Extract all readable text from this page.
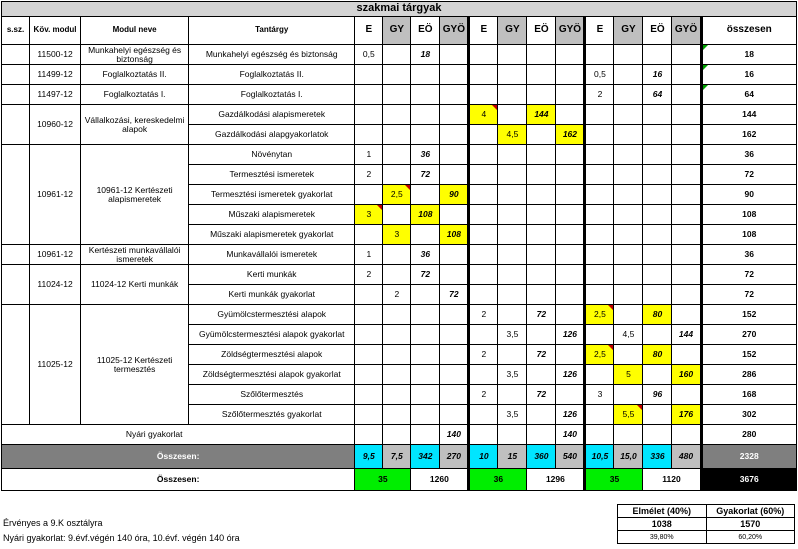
szakmai tárgyak																
s.sz.	Köv. modul	Modul neve	Tantárgy	E	GY	EÖ	GYÖ	E	GY	EÖ	GYÖ	E	GY	EÖ	GYÖ	összesen
	11500-12	Munkahelyi egészség és biztonság	Munkahelyi egészség és biztonság	0,5		18										18
	11499-12	Foglalkoztatás II.	Foglalkoztatás II.									0,5		16		16
	11497-12	Foglalkoztatás I.	Foglalkoztatás I.									2		64		64
	10960-12	Vállalkozási, kereskedelmi alapok	Gazdálkodási alapismeretek					4		144						144
			Gazdálkodási alapgyakorlatok						4,5		162					162
	10961-12	10961-12 Kertészeti alapismeretek	Növénytan	1		36										36
			Termesztési ismeretek	2		72										72
			Termesztési ismeretek gyakorlat		2,5		90									90
			Műszaki alapismeretek	3		108										108
			Műszaki alapismeretek gyakorlat		3		108									108
	10961-12	Kertészeti munkavállalói ismeretek	Munkavállalói ismeretek	1		36										36
	11024-12	11024-12 Kerti munkák	Kerti munkák	2		72										72
			Kerti munkák gyakorlat		2		72									72
	11025-12	11025-12 Kertészeti termesztés	Gyümölcstermesztési alapok					2		72		2,5		80		152
			Gyümölcstermesztési alapok gyakorlat						3,5		126		4,5		144	270
			Zöldségtermesztési alapok					2		72		2,5		80		152
			Zöldségtermesztési alapok gyakorlat						3,5		126		5		160	286
			Szőlőtermesztés					2		72		3		96		168
			Szőlőtermesztés gyakorlat						3,5		126		5,5		176	302
Nyári gyakorlat							140				140					280
Összesen:				9,5	7,5	342	270	10	15	360	540	10,5	15,0	336	480	2328
Összesen:				35		1260		36		1296		35		1120		3676
Érvényes a 9.K osztályra
Nyári gyakorlat: 9.évf.végén 140 óra, 10.évf. végén 140 óra
Elmélet (40%)	Gyakorlat (60%)
1038	1570
39,80%	60,20%
